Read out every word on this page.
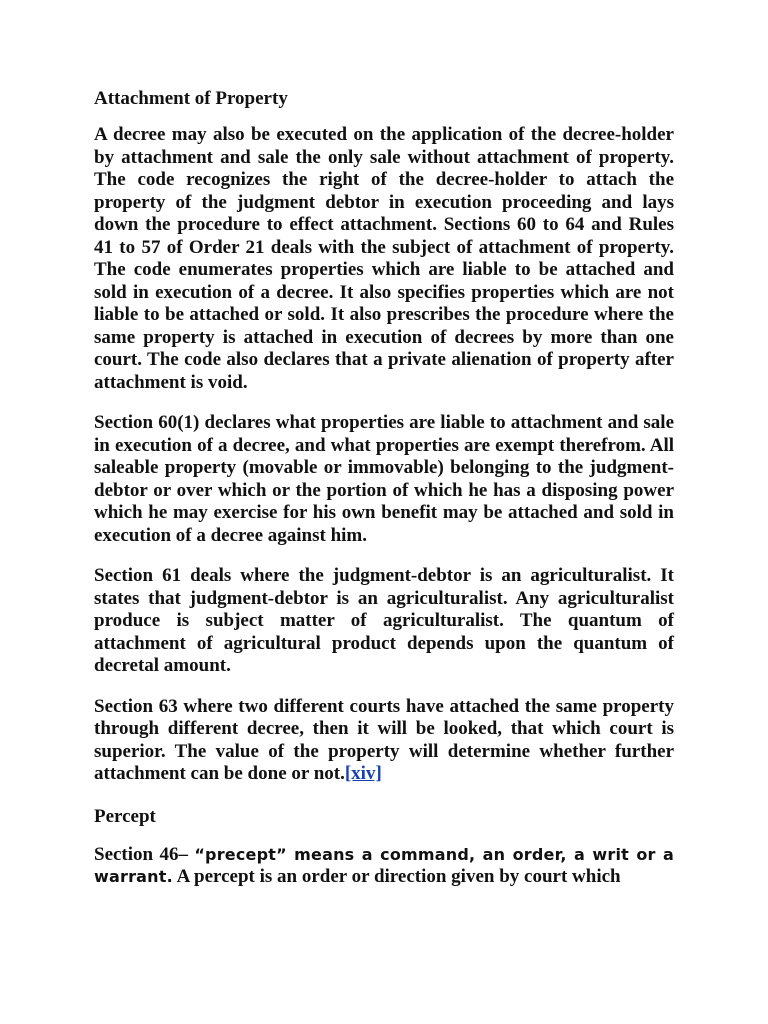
Attachment of Property

A decree may also be executed on the application of the decree-holder by attachment and sale the only sale without attachment of property. The code recognizes the right of the decree-holder to attach the property of the judgment debtor in execution proceeding and lays down the procedure to effect attachment. Sections 60 to 64 and Rules 41 to 57 of Order 21 deals with the subject of attachment of property. The code enumerates properties which are liable to be attached and sold in execution of a decree. It also specifies properties which are not liable to be attached or sold. It also prescribes the procedure where the same property is attached in execution of decrees by more than one court. The code also declares that a private alienation of property after attachment is void.

Section 60(1) declares what properties are liable to attachment and sale in execution of a decree, and what properties are exempt therefrom. All saleable property (movable or immovable) belonging to the judgment-debtor or over which or the portion of which he has a disposing power which he may exercise for his own benefit may be attached and sold in execution of a decree against him.

Section 61 deals where the judgment-debtor is an agriculturalist. It states that judgment-debtor is an agriculturalist. Any agriculturalist produce is subject matter of agriculturalist. The quantum of attachment of agricultural product depends upon the quantum of decretal amount.

Section 63 where two different courts have attached the same property through different decree, then it will be looked, that which court is superior. The value of the property will determine whether further attachment can be done or not.[xiv]

Percept

Section 46– “precept” means a command, an order, a writ or a warrant. A percept is an order or direction given by court which
